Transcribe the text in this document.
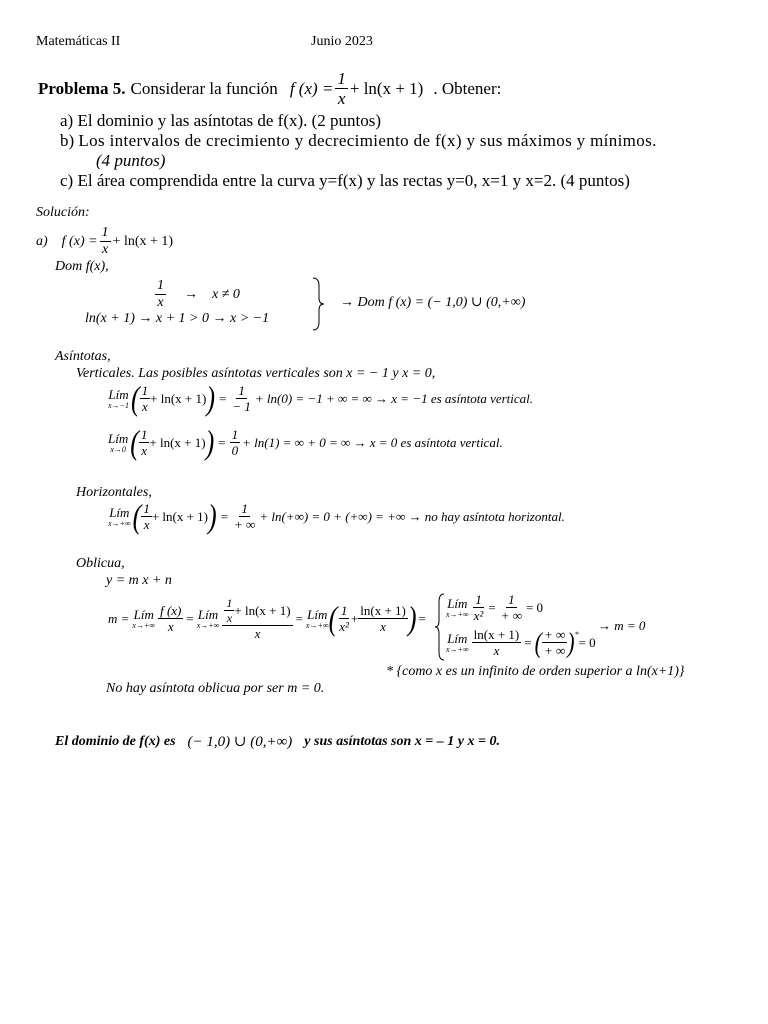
Matemáticas II	Junio 2023
Problema 5. Considerar la función f $(x) = \frac{1}{x} + \ln(x + 1)$ . Obtener:
a) El dominio y las asíntotas de f(x). (2 puntos)
b) Los intervalos de crecimiento y decrecimiento de f(x) y sus máximos y mínimos.
(4 puntos)
c) El área comprendida entre la curva y=f(x) y las rectas y=0, x=1 y x=2. (4 puntos)
Solución:
a) f $(x) = \frac{1}{x} + \ln(x + 1)$
Dom f(x),
$\frac{1}{x} \to x \ne 0$
ln(x + 1) → x + 1 > 0 → x > −1
→ Dom f (x) = (− 1,0) ∪ (0,+∞)
Asíntotas,
Verticales. Las posibles asíntotas verticales son x = − 1 y x = 0,
Lím
x→−1 ( $\frac{1}{x} + \ln(x + 1)$ ) = $\frac{1}{- 1} + \ln(0) = -1$ + ∞ = ∞ → x = −1 es asíntota vertical.
Lím
x→0 ( $\frac{1}{x} + \ln(x + 1)$ ) = $\frac{1}{0} + \ln(1)$ = ∞ + 0 = ∞ → x = 0 es asíntota vertical.
Horizontales,
Lím
x→+∞ ( $\frac{1}{x} + \ln(x + 1)$ ) = $\frac{1}{+ \infty} + \ln(+\infty) = 0$ + (+∞) = +∞ → no hay asíntota horizontal.
Oblicua,
y = m x + n
m = Lím
$x\to+\infty \frac{f (x)}{x}$ = Lím
$x\to+\infty \frac{\frac{1}{x} + \ln(x + 1)}{x}$ = Lím
x→+∞ ( $\frac{1}{\text{x²}} + \frac{\ln(x + 1)}{x}$ ) =
Lím
$x\to+\infty \frac{1}{\text{x²}} = \frac{1}{+ \infty} = 0$
Lím
$x\to+\infty \frac{\ln(x + 1)}{x}$ = ( $\frac{+ \infty}{+ \infty}$ ) * = 0
→ m = 0
* {como x es un infinito de orden superior a ln(x+1)}
No hay asíntota oblicua por ser m = 0.
El dominio de f(x) es (− 1,0) ∪ (0,+∞) y sus asíntotas son x = – 1 y x = 0.
